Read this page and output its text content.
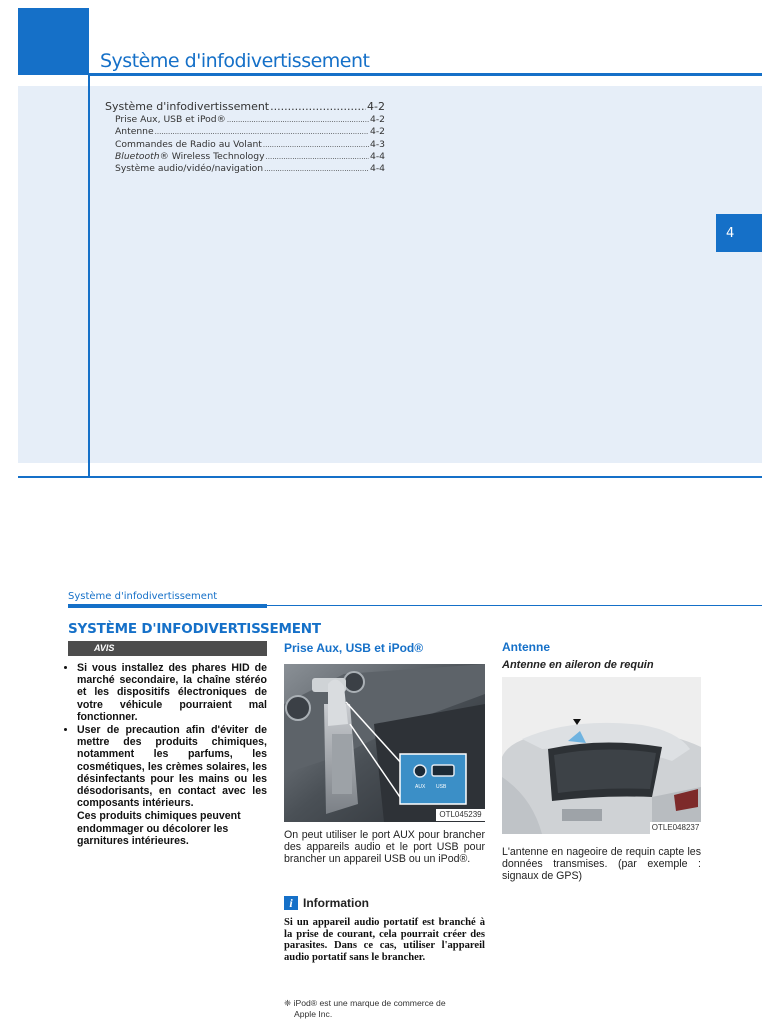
Système d'infodivertissement
Système d'infodivertissement .....	4-2
Prise Aux, USB et iPod® .....	4-2
Antenne .....	4-2
Commandes de Radio au Volant .....	4-3
Bluetooth® Wireless Technology .....	4-4
Système audio/vidéo/navigation .....	4-4
4
Système d'infodivertissement
SYSTÈME D'INFODIVERTISSEMENT
AVIS
• Si vous installez des phares HID de marché secondaire, la chaîne stéréo et les dispositifs électroniques de votre véhicule pourraient mal fonctionner.
• User de precaution afin d'éviter de mettre des produits chimiques, notamment les parfums, les cosmétiques, les crèmes solaires, les désinfectants pour les mains ou les désodorisants, en contact avec les composants intérieurs.

Ces produits chimiques peuvent endommager ou décolorer les garnitures intérieures.

Prise Aux, USB et iPod®
AUX USB
OTL045239
On peut utiliser le port AUX pour brancher des appareils audio et le port USB pour brancher un appareil USB ou un iPod®.
i Information
Si un appareil audio portatif est branché à la prise de courant, cela pourrait créer des parasites. Dans ce cas, utiliser l'appareil audio portatif sans le brancher.
❈ iPod® est une marque de commerce de
Apple Inc.
Antenne
Antenne en aileron de requin
OTLE048237
L'antenne en nageoire de requin capte les données transmises. (par exemple : signaux de GPS)
